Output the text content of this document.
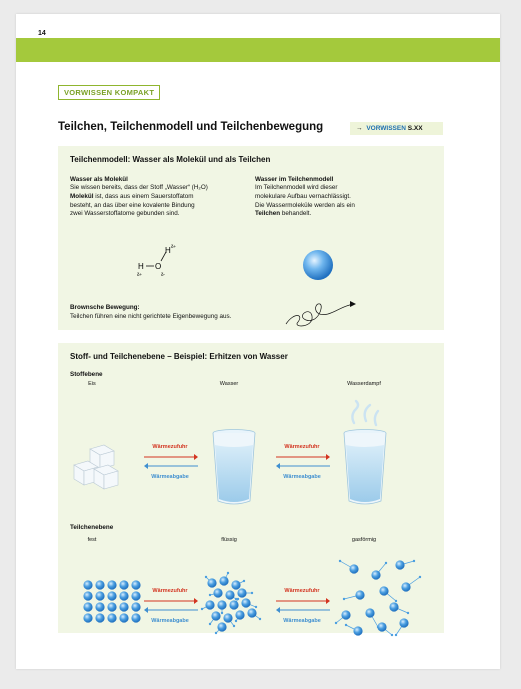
14
VORWISSEN KOMPAKT
Teilchen, Teilchenmodell und Teilchenbewegung	→ VORWISSEN S.XX
Teilchenmodell: Wasser als Molekül und als Teilchen
Wasser als Molekül
Sie wissen bereits, dass der Stoff „Wasser“ (H₂O)
Molekül ist, dass aus einem Sauerstoffatom
besteht, an das über eine kovalente Bindung
zwei Wasserstoffatome gebunden sind.
Wasser im Teilchenmodell
Im Teilchenmodell wird dieser
molekulare Aufbau vernachlässigt.
Die Wassermoleküle werden als ein
Teilchen behandelt.
H δ+
H
δ+
O
δ-
Brownsche Bewegung:
Teilchen führen eine nicht gerichtete Eigenbewegung aus.
Stoff- und Teilchenebene – Beispiel: Erhitzen von Wasser
Stoffebene
Eis	Wasser	Wasserdampf
Wärmezufuhr
Wärmeabgabe
Wärmezufuhr
Wärmeabgabe
Teilchenebene
fest	flüssig	gasförmig
Wärmezufuhr
Wärmeabgabe
Wärmezufuhr
Wärmeabgabe
